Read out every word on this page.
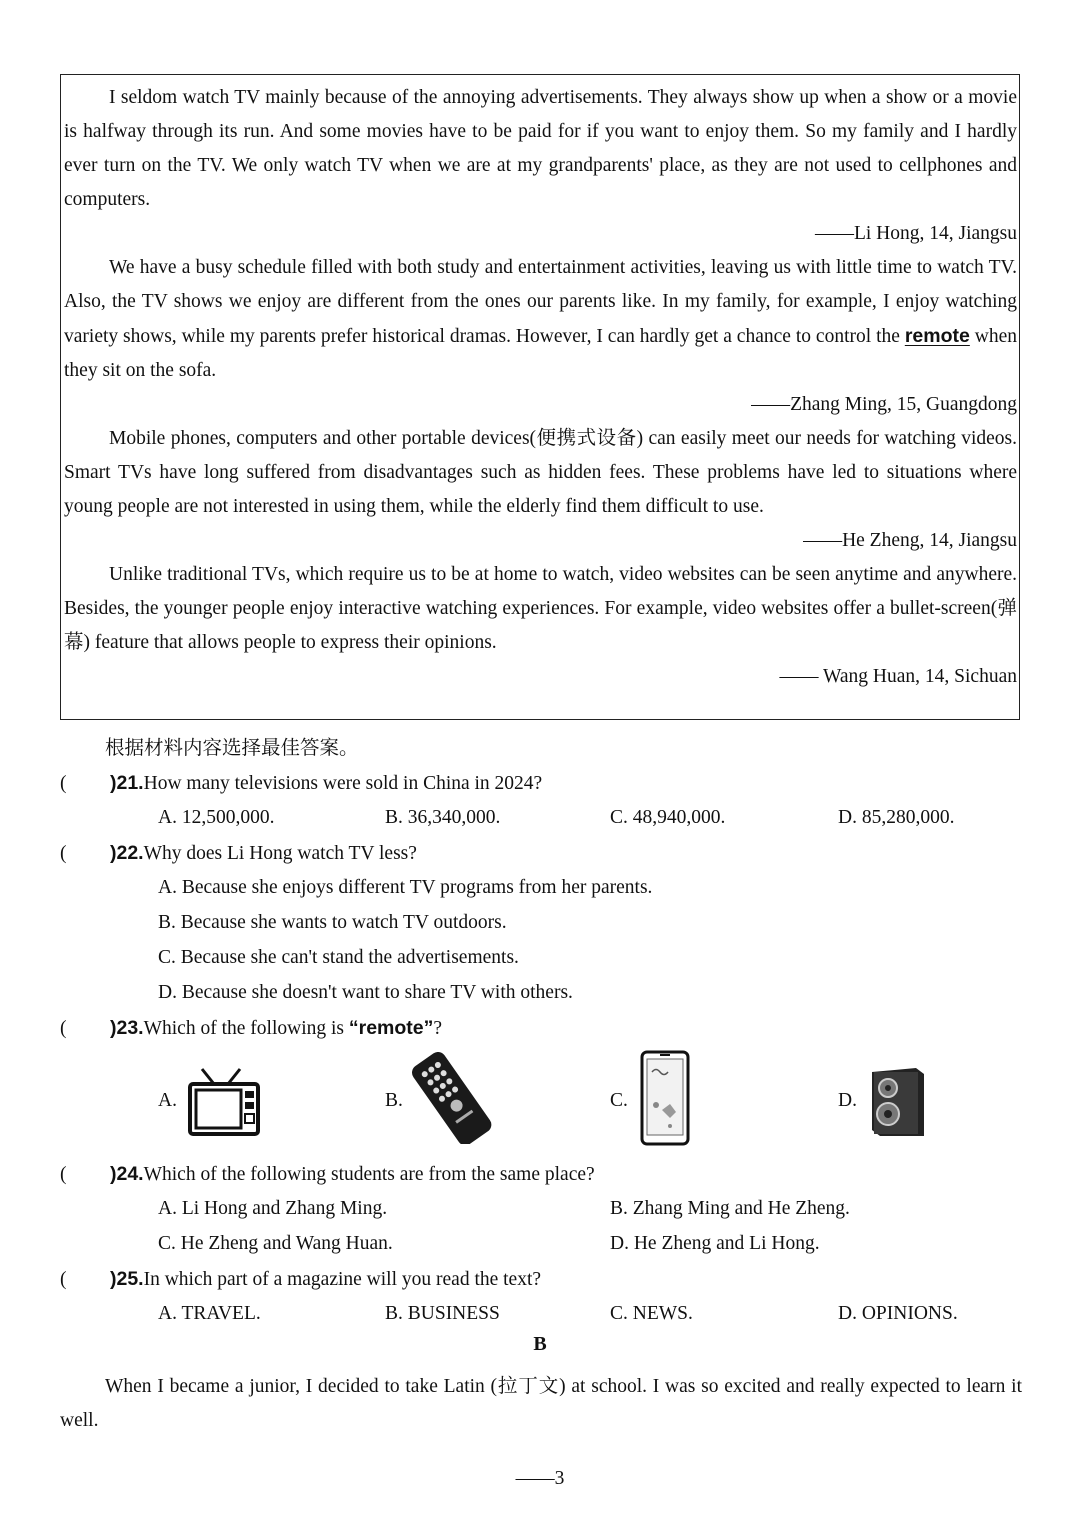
I seldom watch TV mainly because of the annoying advertisements. They always show up when a show or a movie is halfway through its run. And some movies have to be paid for if you want to enjoy them. So my family and I hardly ever turn on the TV. We only watch TV when we are at my grandparents' place, as they are not used to cellphones and computers.

——Li Hong, 14, Jiangsu

We have a busy schedule filled with both study and entertainment activities, leaving us with little time to watch TV. Also, the TV shows we enjoy are different from the ones our parents like. In my family, for example, I enjoy watching variety shows, while my parents prefer historical dramas. However, I can hardly get a chance to control the remote when they sit on the sofa.

——Zhang Ming, 15, Guangdong

Mobile phones, computers and other portable devices(便携式设备) can easily meet our needs for watching videos. Smart TVs have long suffered from disadvantages such as hidden fees. These problems have led to situations where young people are not interested in using them, while the elderly find them difficult to use.

——He Zheng, 14, Jiangsu

Unlike traditional TVs, which require us to be at home to watch, video websites can be seen anytime and anywhere. Besides, the younger people enjoy interactive watching experiences. For example, video websites offer a bullet-screen(弹幕) feature that allows people to express their opinions.

—— Wang Huan, 14, Sichuan

根据材料内容选择最佳答案。
( )21.How many televisions were sold in China in 2024?
A. 12,500,000.	B. 36,340,000.	C. 48,940,000.	D. 85,280,000.
( )22.Why does Li Hong watch TV less?
A. Because she enjoys different TV programs from her parents.
B. Because she wants to watch TV outdoors.
C. Because she can't stand the advertisements.
D. Because she doesn't want to share TV with others.
( )23.Which of the following is “remote”?
A.	B.	C.	D.
( )24.Which of the following students are from the same place?
A. Li Hong and Zhang Ming.	B. Zhang Ming and He Zheng.
C. He Zheng and Wang Huan.	D. He Zheng and Li Hong.
( )25.In which part of a magazine will you read the text?
A. TRAVEL.	B. BUSINESS	C. NEWS.	D. OPINIONS.
B

When I became a junior, I decided to take Latin (拉丁文) at school. I was so excited and really expected to learn it well.

——3
